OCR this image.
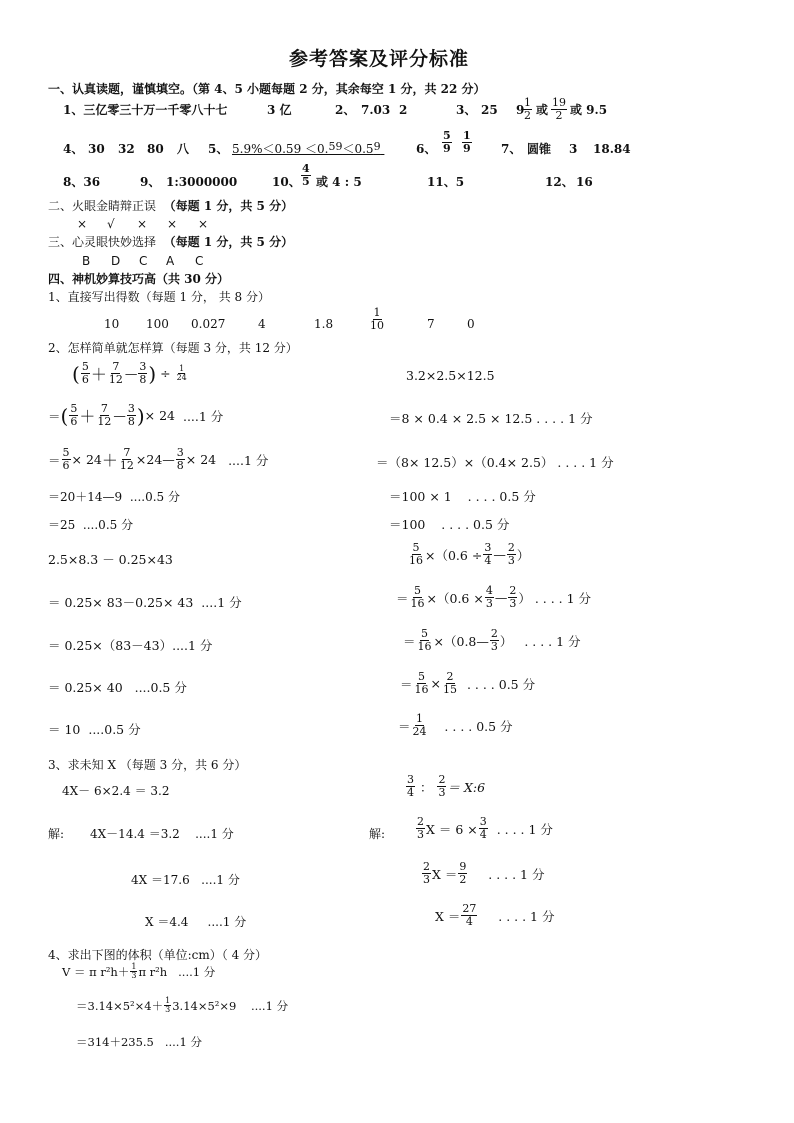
参考答案及评分标准
一、认真读题，谨慎填空。（第 4、5 小题每题 2 分，其余每空 1 分，共 22 分）
1、三亿零三十万一千零八十七	3 亿	2、 7.03 2	3、 25 9
$\frac{1}{2}$ 或 $\frac{19}{2}$ 或 9.5
4、 30 32 80 八 5、 5.9%＜0.59 ＜0.59＜0.59	6、 $\frac{5}{9} \frac{1}{9} 7$、 圆锥 3 18.84
8、36	9、 1:3000000	10、 $\frac{4}{5}$ 或 4 : 5	11、5	12、 16
二、火眼金睛辩正误 （每题 1 分，共 5 分）
× √ × × ×
三、心灵眼快妙选择 （每题 1 分，共 5 分）
B D C A C
四、神机妙算技巧高（共 30 分）
1、直接写出得数（每题 1 分， 共 8 分）
10 100 0.027	4	1.8	$\frac{1}{10}$	7	0
2、怎样简单就怎样算（每题 3 分，共 12 分）
( $\frac{5}{6} + \frac{7}{12}$ — $\frac{3}{8}$ ) ÷ $\frac{1}{24}$
＝ ( $\frac{5}{6} + \frac{7}{12}$ — $\frac{3}{8}$ ) × 24
....1 分
＝ $\frac{5}{6} \times 24 + \frac{7}{12} \times 24$ — $\frac{3}{8} \times 24$ ....1 分
＝20＋14—9 ....0.5 分
＝25 ....0.5 分
3.2×2.5×12.5
＝8 × 0.4 × 2.5 × 12.5 . . . . 1 分
＝（8× 12.5）×（0.4× 2.5） . . . . 1 分
＝100 × 1 . . . . 0.5 分
＝100 . . . . 0.5 分
2.5×8.3 － 0.25×43
＝ 0.25× 83－0.25× 43 ....1 分
＝ 0.25×（83－43）....1 分
＝ 0.25× 40 ....0.5 分
＝ 10 ....0.5 分
$\frac{5}{16} \times(0.6 \div \frac{3}{4}$ — $\frac{2}{3}$ ）
＝ $\frac{5}{16} \times(0.6 \times \frac{4}{3}$ — $\frac{2}{3}$ ）
. . . . 1 分
＝ $\frac{5}{16}$ ×（0.8— $\frac{2}{3}$ ）
. . . . 1 分
＝ $\frac{5}{16} \times \frac{2}{15}$
. . . . 0.5 分
＝ $\frac{1}{24}$
. . . . 0.5 分
3、求未知 X （每题 3 分，共 6 分）
4X－ 6×2.4 ＝ 3.2
解: 4X－14.4 ＝3.2 ....1 分
4X ＝17.6 ....1 分
X ＝4.4 ....1 分
$\frac{3}{4}$
：
$\frac{2}{3}$ ＝ X:6
解:	$\frac{2}{3}$ $X = 6 \times \frac{3}{4}$
. . . . 1 分
$\frac{2}{3}$ $X = \frac{9}{2}$
. . . . 1 分
$X = \frac{27}{4}$
. . . . 1 分
4、求出下图的体积（单位:cm）（ 4 分）
V ＝ π $r^2h+ \frac{1}{3}$ π r²h
....1 分
$=3.14\times 5^2\times 4+ \frac{1}{3} 3.14\times 5^2\times 9$
....1 分
＝314＋235.5 ....1 分
